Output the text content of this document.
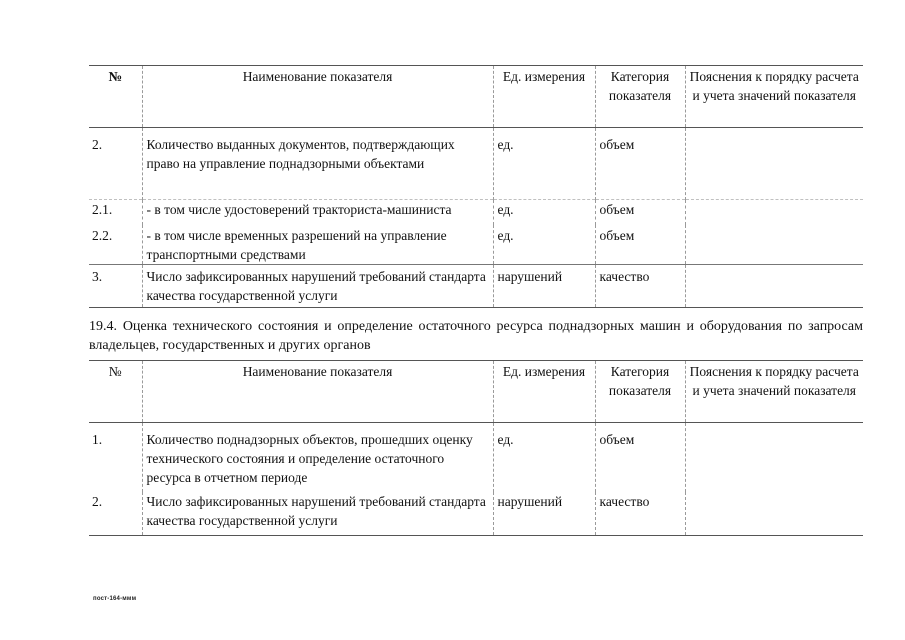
№	Наименование показателя	Ед. измерения	Категория показателя	Пояснения к порядку расчета и учета значений показателя
2.	Количество выданных документов, подтверждающих право на управление поднадзорными объектами	ед.	объем	
2.1.	- в том числе удостоверений тракториста-машиниста	ед.	объем	
2.2.	- в том числе временных разрешений на управление транспортными средствами	ед.	объем	
3.	Число зафиксированных нарушений требований стандарта качества государственной услуги	нарушений	качество	
19.4. Оценка технического состояния и определение остаточного ресурса поднадзорных машин и оборудования по запросам владельцев, государственных и других органов
№	Наименование показателя	Ед. измерения	Категория показателя	Пояснения к порядку расчета и учета значений показателя
1.	Количество поднадзорных объектов, прошедших оценку технического состояния и определение остаточного ресурса в отчетном периоде	ед.	объем	
2.	Число зафиксированных нарушений требований стандарта качества государственной услуги	нарушений	качество	
пост-164-ммм
